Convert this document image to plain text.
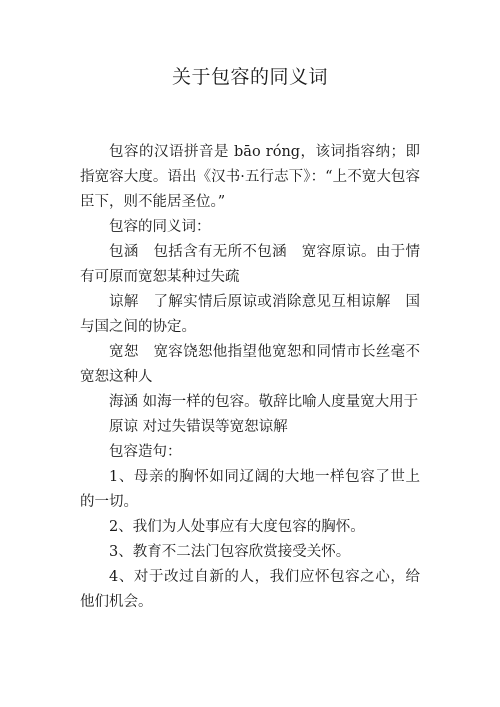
关于包容的同义词

包容的汉语拼音是 bāo róng，该词指容纳；即指宽容大度。语出《汉书·五行志下》：“上不宽大包容臣下，则不能居圣位。”

包容的同义词：

包涵　包括含有无所不包涵　宽容原谅。由于情有可原而宽恕某种过失疏

谅解　了解实情后原谅或消除意见互相谅解　国与国之间的协定。

宽恕　宽容饶恕他指望他宽恕和同情市长丝毫不宽恕这种人

海涵 如海一样的包容。敬辞比喻人度量宽大用于

原谅 对过失错误等宽恕谅解

包容造句：

1、母亲的胸怀如同辽阔的大地一样包容了世上的一切。

2、我们为人处事应有大度包容的胸怀。

3、教育不二法门包容欣赏接受关怀。

4、对于改过自新的人，我们应怀包容之心，给他们机会。
